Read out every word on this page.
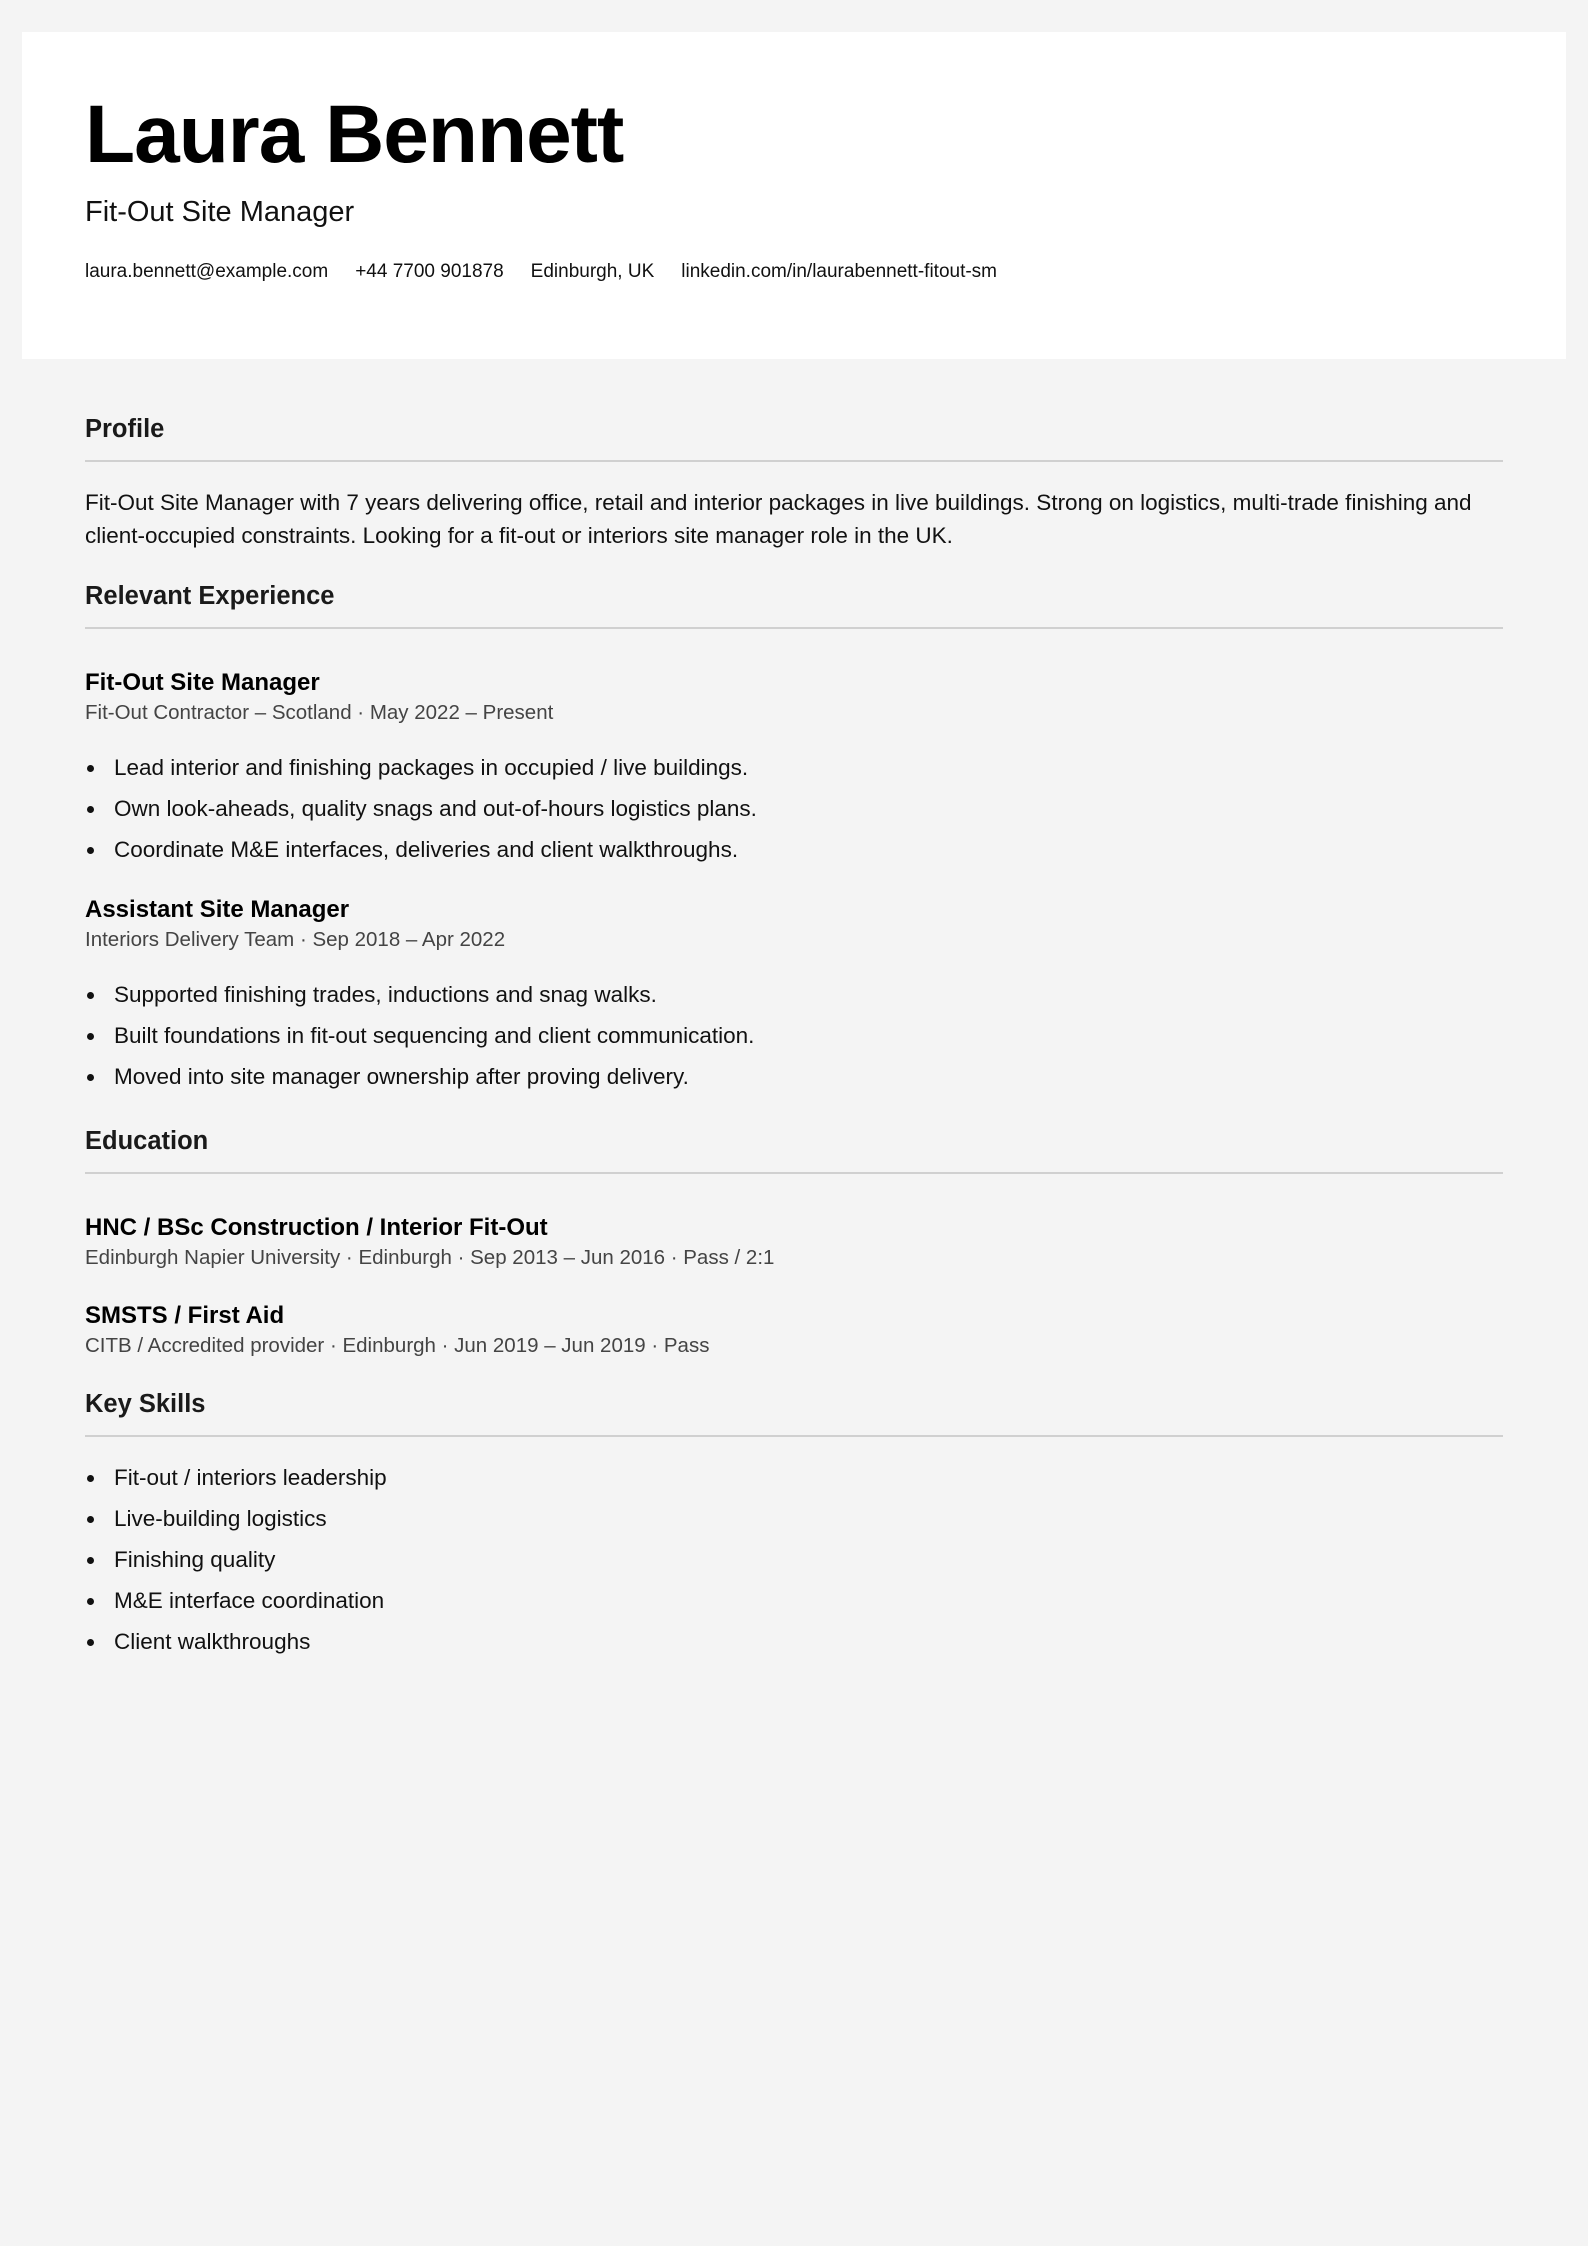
Laura Bennett

Fit-Out Site Manager

laura.bennett@example.com +44 7700 901878 Edinburgh, UK linkedin.com/in/laurabennett-fitout-sm
Profile

Fit-Out Site Manager with 7 years delivering office, retail and interior packages in live buildings. Strong on logistics, multi-trade finishing and client-occupied constraints. Looking for a fit-out or interiors site manager role in the UK.

Relevant Experience
Fit-Out Site Manager

Fit-Out Contractor – Scotland · May 2022 – Present

Lead interior and finishing packages in occupied / live buildings.
Own look-aheads, quality snags and out-of-hours logistics plans.
Coordinate M&E interfaces, deliveries and client walkthroughs.
Assistant Site Manager

Interiors Delivery Team · Sep 2018 – Apr 2022

Supported finishing trades, inductions and snag walks.
Built foundations in fit-out sequencing and client communication.
Moved into site manager ownership after proving delivery.
Education
HNC / BSc Construction / Interior Fit-Out

Edinburgh Napier University · Edinburgh · Sep 2013 – Jun 2016 · Pass / 2:1

SMSTS / First Aid

CITB / Accredited provider · Edinburgh · Jun 2019 – Jun 2019 · Pass

Key Skills
Fit-out / interiors leadership
Live-building logistics
Finishing quality
M&E interface coordination
Client walkthroughs
